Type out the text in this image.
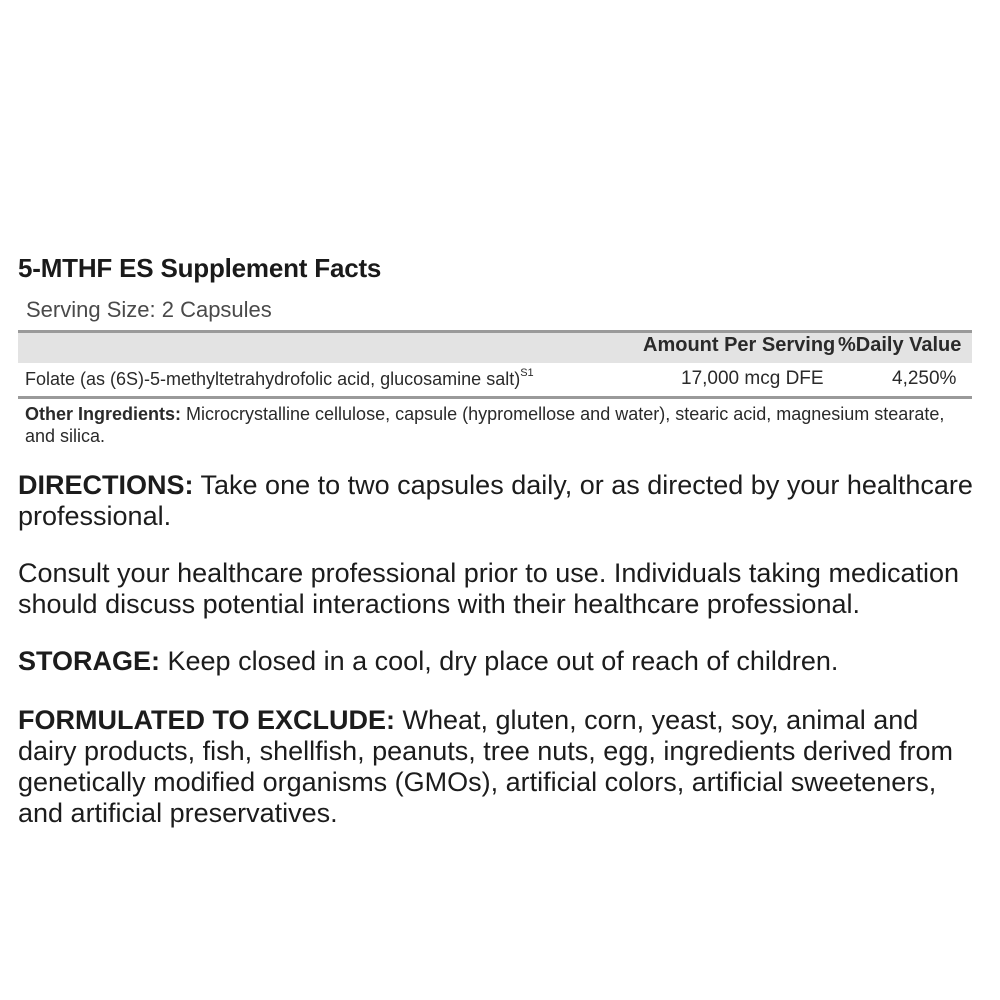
5-MTHF ES Supplement Facts
Serving Size: 2 Capsules
Amount Per Serving %Daily Value
Folate (as (6S)-5-methyltetrahydrofolic acid, glucosamine salt)$^{S1}$	17,000 mcg DFE	4,250%
Other Ingredients: Microcrystalline cellulose, capsule (hypromellose and water), stearic acid, magnesium stearate, and silica.
DIRECTIONS: Take one to two capsules daily, or as directed by your healthcare professional.
Consult your healthcare professional prior to use. Individuals taking medication should discuss potential interactions with their healthcare professional.
STORAGE: Keep closed in a cool, dry place out of reach of children.
FORMULATED TO EXCLUDE: Wheat, gluten, corn, yeast, soy, animal and dairy products, fish, shellfish, peanuts, tree nuts, egg, ingredients derived from genetically modified organisms (GMOs), artificial colors, artificial sweeteners, and artificial preservatives.
